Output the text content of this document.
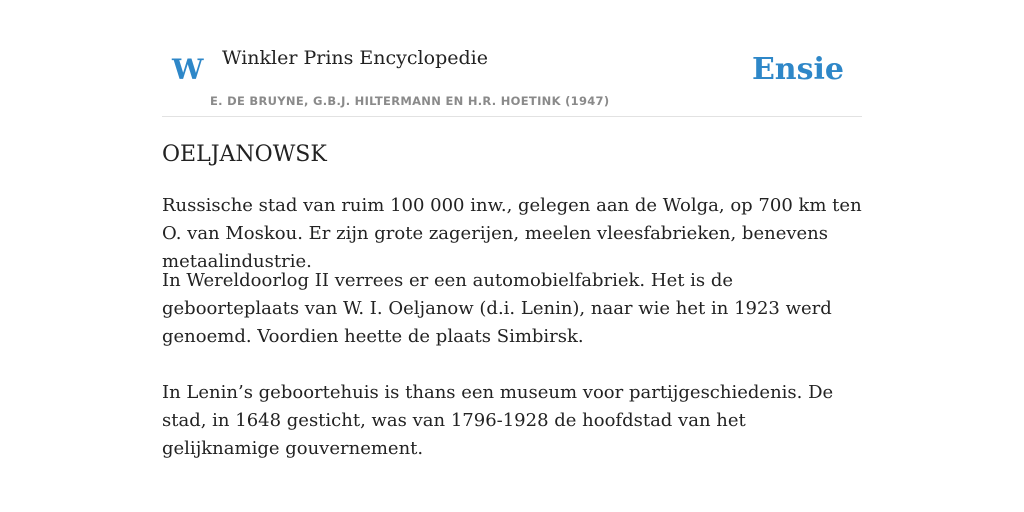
W Winkler Prins Encyclopedie
E. DE BRUYNE, G.B.J. HILTERMANN EN H.R. HOETINK (1947)
Ensie
OELJANOWSK

Russische stad van ruim 100 000 inw., gelegen aan de Wolga, op 700 km ten O. van Moskou. Er zijn grote zagerijen, meelen vleesfabrieken, benevens metaalindustrie.

In Wereldoorlog II verrees er een automobielfabriek. Het is de geboorteplaats van W. I. Oeljanow (d.i. Lenin), naar wie het in 1923 werd genoemd. Voordien heette de plaats Simbirsk.

In Lenin’s geboortehuis is thans een museum voor partijgeschiedenis. De stad, in 1648 gesticht, was van 1796-1928 de hoofdstad van het gelijknamige gouvernement.
